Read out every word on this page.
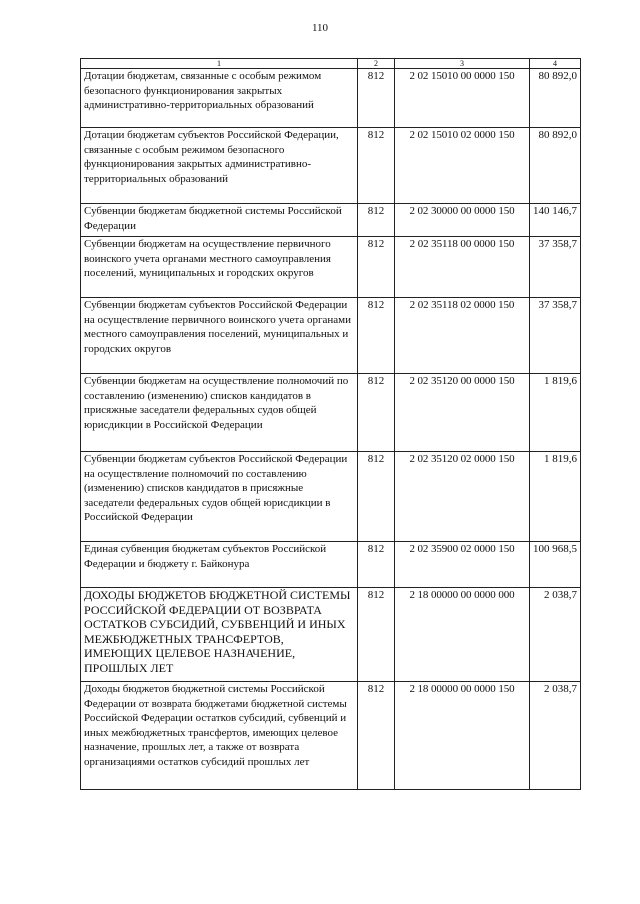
110
1	2	3	4
Дотации бюджетам, связанные с особым режимом безопасного функционирования закрытых административно-территориальных образований	812	2 02 15010 00 0000 150	80 892,0
Дотации бюджетам субъектов Российской Федерации, связанные с особым режимом безопасного функционирования закрытых административно-территориальных образований	812	2 02 15010 02 0000 150	80 892,0
Субвенции бюджетам бюджетной системы Российской Федерации	812	2 02 30000 00 0000 150	140 146,7
Субвенции бюджетам на осуществление первичного воинского учета органами местного самоуправления поселений, муниципальных и городских округов	812	2 02 35118 00 0000 150	37 358,7
Субвенции бюджетам субъектов Российской Федерации на осуществление первичного воинского учета органами местного самоуправления поселений, муниципальных и городских округов	812	2 02 35118 02 0000 150	37 358,7
Субвенции бюджетам на осуществление полномочий по составлению (изменению) списков кандидатов в присяжные заседатели федеральных судов общей юрисдикции в Российской Федерации	812	2 02 35120 00 0000 150	1 819,6
Субвенции бюджетам субъектов Российской Федерации на осуществление полномочий по составлению (изменению) списков кандидатов в присяжные заседатели федеральных судов общей юрисдикции в Российской Федерации	812	2 02 35120 02 0000 150	1 819,6
Единая субвенция бюджетам субъектов Российской Федерации и бюджету г. Байконура	812	2 02 35900 02 0000 150	100 968,5
ДОХОДЫ БЮДЖЕТОВ БЮДЖЕТНОЙ СИСТЕМЫ РОССИЙСКОЙ ФЕДЕРАЦИИ ОТ ВОЗВРАТА ОСТАТКОВ СУБСИДИЙ, СУБВЕНЦИЙ И ИНЫХ МЕЖБЮДЖЕТНЫХ ТРАНСФЕРТОВ, ИМЕЮЩИХ ЦЕЛЕВОЕ НАЗНАЧЕНИЕ, ПРОШЛЫХ ЛЕТ	812	2 18 00000 00 0000 000	2 038,7
Доходы бюджетов бюджетной системы Российской Федерации от возврата бюджетами бюджетной системы Российской Федерации остатков субсидий, субвенций и иных межбюджетных трансфертов, имеющих целевое назначение, прошлых лет, а также от возврата организациями остатков субсидий прошлых лет	812	2 18 00000 00 0000 150	2 038,7
